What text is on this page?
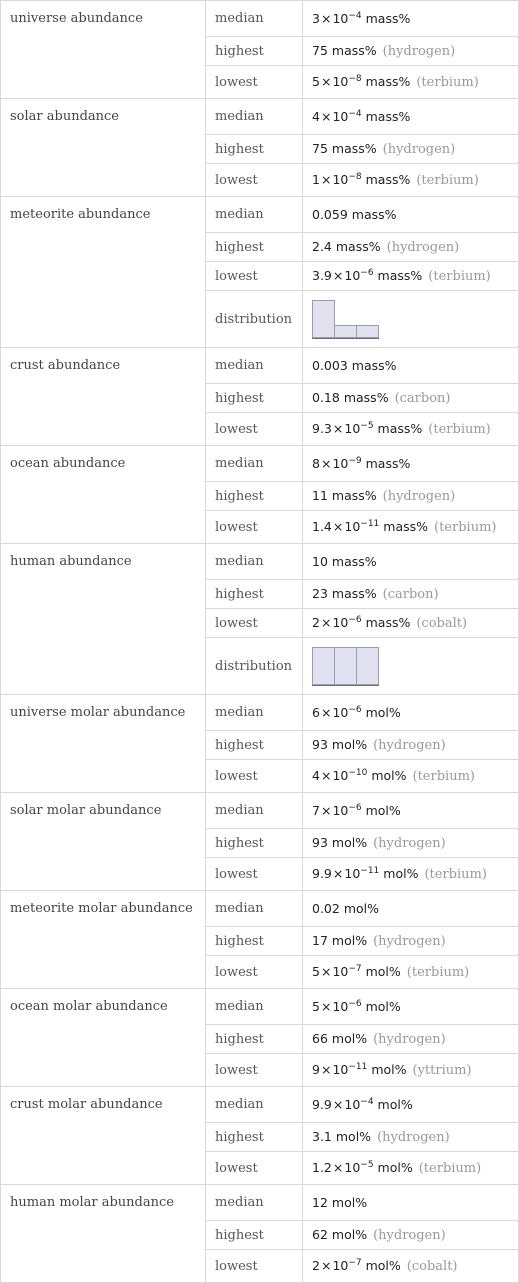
universe abundance	median	$3\times 10^{-4}$ mass%
	highest	75 mass% (hydrogen)
	lowest	$5\times 10^{-8}$ mass% (terbium)
solar abundance	median	$4\times 10^{-4}$ mass%
	highest	75 mass% (hydrogen)
	lowest	$1\times 10^{-8}$ mass% (terbium)
meteorite abundance	median	0.059 mass%
	highest	2.4 mass% (hydrogen)
	lowest	$3.9\times 10^{-6}$ mass% (terbium)
	distribution	

crust abundance	median	0.003 mass%
	highest	0.18 mass% (carbon)
	lowest	$9.3\times 10^{-5}$ mass% (terbium)
ocean abundance	median	$8\times 10^{-9}$ mass%
	highest	11 mass% (hydrogen)
	lowest	$1.4\times 10^{-11}$ mass% (terbium)
human abundance	median	10 mass%
	highest	23 mass% (carbon)
	lowest	$2\times 10^{-6}$ mass% (cobalt)
	distribution	

universe molar abundance	median	$6\times 10^{-6}$ mol%
	highest	93 mol% (hydrogen)
	lowest	$4\times 10^{-10}$ mol% (terbium)
solar molar abundance	median	$7\times 10^{-6}$ mol%
	highest	93 mol% (hydrogen)
	lowest	$9.9\times 10^{-11}$ mol% (terbium)
meteorite molar abundance	median	0.02 mol%
	highest	17 mol% (hydrogen)
	lowest	$5\times 10^{-7}$ mol% (terbium)
ocean molar abundance	median	$5\times 10^{-6}$ mol%
	highest	66 mol% (hydrogen)
	lowest	$9\times 10^{-11}$ mol% (yttrium)
crust molar abundance	median	$9.9\times 10^{-4}$ mol%
	highest	3.1 mol% (hydrogen)
	lowest	$1.2\times 10^{-5}$ mol% (terbium)
human molar abundance	median	12 mol%
	highest	62 mol% (hydrogen)
	lowest	$2\times 10^{-7}$ mol% (cobalt)
